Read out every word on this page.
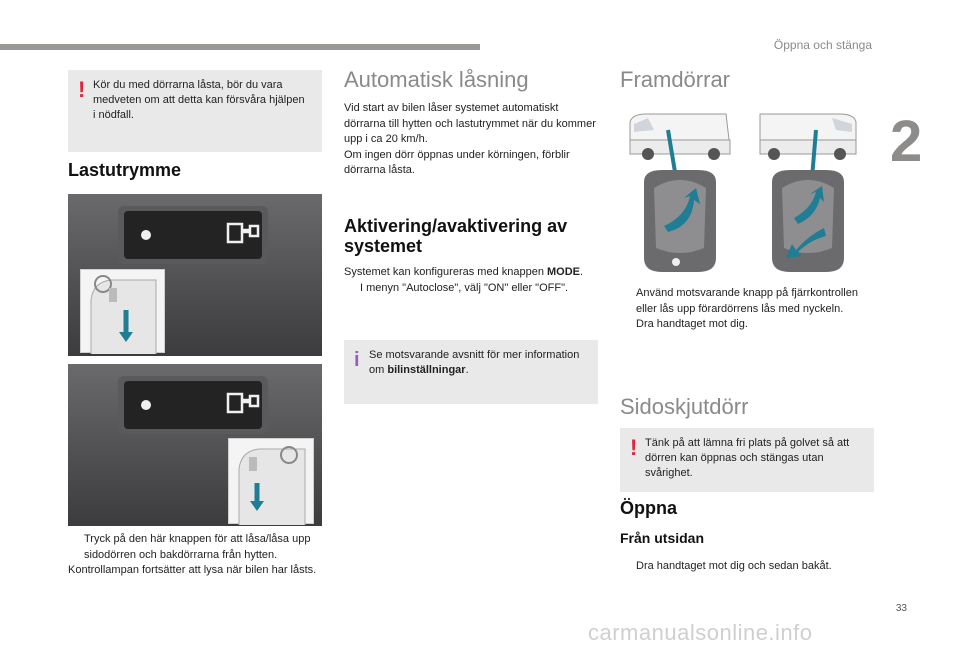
Öppna och stänga
2
! Kör du med dörrarna låsta, bör du vara medveten om att detta kan försvåra hjälpen i nödfall.
Lastutrymme
Tryck på den här knappen för att låsa/låsa upp sidodörren och bakdörrarna från hytten.
Kontrollampan fortsätter att lysa när bilen har låsts.
Automatisk låsning
Vid start av bilen låser systemet automatiskt dörrarna till hytten och lastutrymmet när du kommer upp i ca 20 km/h.
Om ingen dörr öppnas under körningen, förblir dörrarna låsta.
Aktivering/avaktivering av systemet
Systemet kan konfigureras med knappen MODE.
I menyn "Autoclose", välj "ON" eller "OFF".
i Se motsvarande avsnitt för mer information om bilinställningar.
Framdörrar
Använd motsvarande knapp på fjärrkontrollen eller lås upp förardörrens lås med nyckeln.
Dra handtaget mot dig.
Sidoskjutdörr
! Tänk på att lämna fri plats på golvet så att dörren kan öppnas och stängas utan svårighet.
Öppna
Från utsidan
Dra handtaget mot dig och sedan bakåt.
33
carmanualsonline.info
